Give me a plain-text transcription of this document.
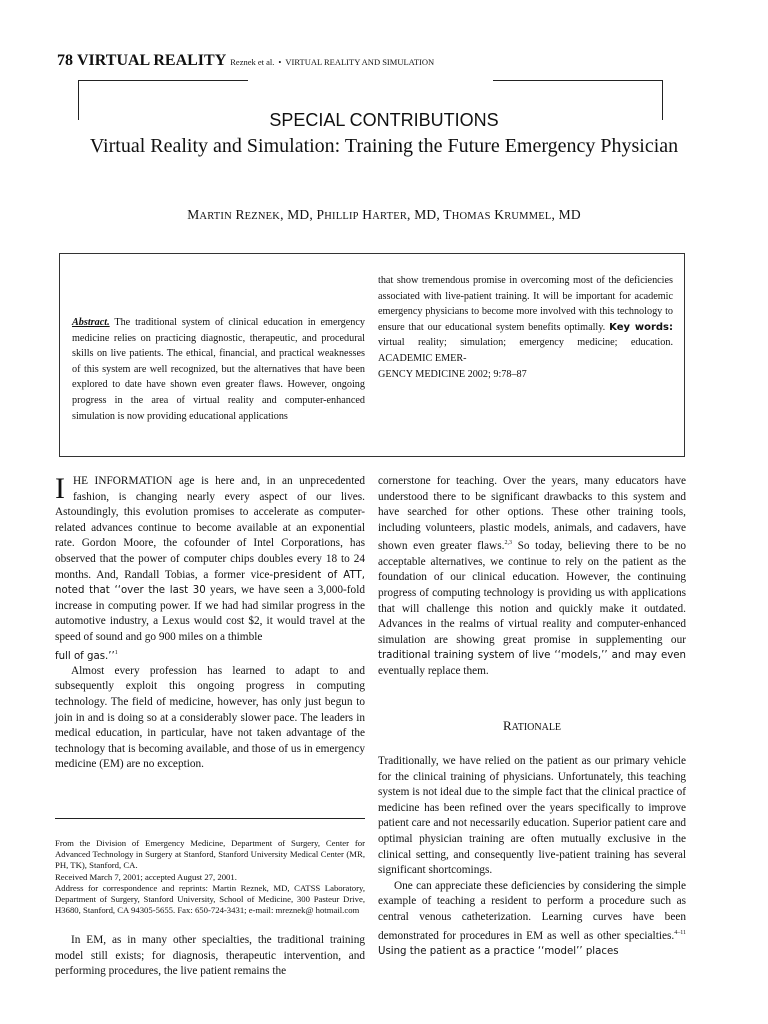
78 VIRTUAL REALITY Reznek et al. • VIRTUAL REALITY AND SIMULATION
SPECIAL CONTRIBUTIONS
Virtual Reality and Simulation: Training the Future Emergency Physician
MARTIN REZNEK, MD, PHILLIP HARTER, MD, THOMAS KRUMMEL, MD
Abstract. The traditional system of clinical education in emergency medicine relies on practicing diagnostic, therapeutic, and procedural skills on live patients. The ethical, financial, and practical weaknesses of this system are well recognized, but the alternatives that have been explored to date have shown even greater flaws. However, ongoing progress in the area of virtual reality and computer-enhanced simulation is now providing educational applications
that show tremendous promise in overcoming most of the deficiencies associated with live-patient training. It will be important for academic emergency physicians to become more involved with this technology to ensure that our educational system benefits optimally. Key words: virtual reality; simulation; emergency medicine; education. ACADEMIC EMER-
GENCY MEDICINE 2002; 9:78–87

IHE INFORMATION age is here and, in an unprecedented fashion, is changing nearly every aspect of our lives. Astoundingly, this evolution promises to accelerate as computer-related advances continue to become available at an exponential rate. Gordon Moore, the cofounder of Intel Corporations, has observed that the power of computer chips doubles every 18 to 24 months. And, Randall Tobias, a former vice-president of ATT, noted that ‘‘over the last 30 years, we have seen a 3,000-fold increase in computing power. If we had had similar progress in the automotive industry, a Lexus would cost $2, it would travel at the speed of sound and go 900 miles on a thimble
full of gas.’’$^1$

Almost every profession has learned to adapt to and subsequently exploit this ongoing progress in computing technology. The field of medicine, however, has only just begun to join in and is doing so at a considerably slower pace. The leaders in medical education, in particular, have not taken advantage of the technology that is becoming available, and those of us in emergency medicine (EM) are no exception.

From the Division of Emergency Medicine, Department of Surgery, Center for Advanced Technology in Surgery at Stanford, Stanford University Medical Center (MR, PH, TK), Stanford, CA.

Received March 7, 2001; accepted August 27, 2001.

Address for correspondence and reprints: Martin Reznek, MD, CATSS Laboratory, Department of Surgery, Stanford University, School of Medicine, 300 Pasteur Drive, H3680, Stanford, CA 94305-5655. Fax: 650-724-3431; e-mail: mreznek@ hotmail.com

In EM, as in many other specialties, the traditional training model still exists; for diagnosis, therapeutic intervention, and performing procedures, the live patient remains the

cornerstone for teaching. Over the years, many educators have understood there to be significant drawbacks to this system and have searched for other options. These other training tools, including volunteers, plastic models, animals, and cadavers, have shown even greater flaws.$^{2,3}$ So today, believing there to be no acceptable alternatives, we continue to rely on the patient as the foundation of our clinical education. However, the continuing progress of computing technology is providing us with applications that will challenge this notion and quickly make it outdated. Advances in the realms of virtual reality and computer-enhanced simulation are showing great promise in supplementing our traditional training system of live ‘‘models,’’ and may even eventually replace them.

RATIONALE

Traditionally, we have relied on the patient as our primary vehicle for the clinical training of physicians. Unfortunately, this teaching system is not ideal due to the simple fact that the clinical practice of medicine has been refined over the years specifically to improve patient care and not necessarily education. Superior patient care and optimal physician training are often mutually exclusive in the clinical setting, and consequently live-patient training has several significant shortcomings.

One can appreciate these deficiencies by considering the simple example of teaching a resident to perform a procedure such as central venous catheterization. Learning curves have been demonstrated for procedures in EM as well as other specialties.$^{4-11}$ Using the patient as a practice ‘‘model’’ places
